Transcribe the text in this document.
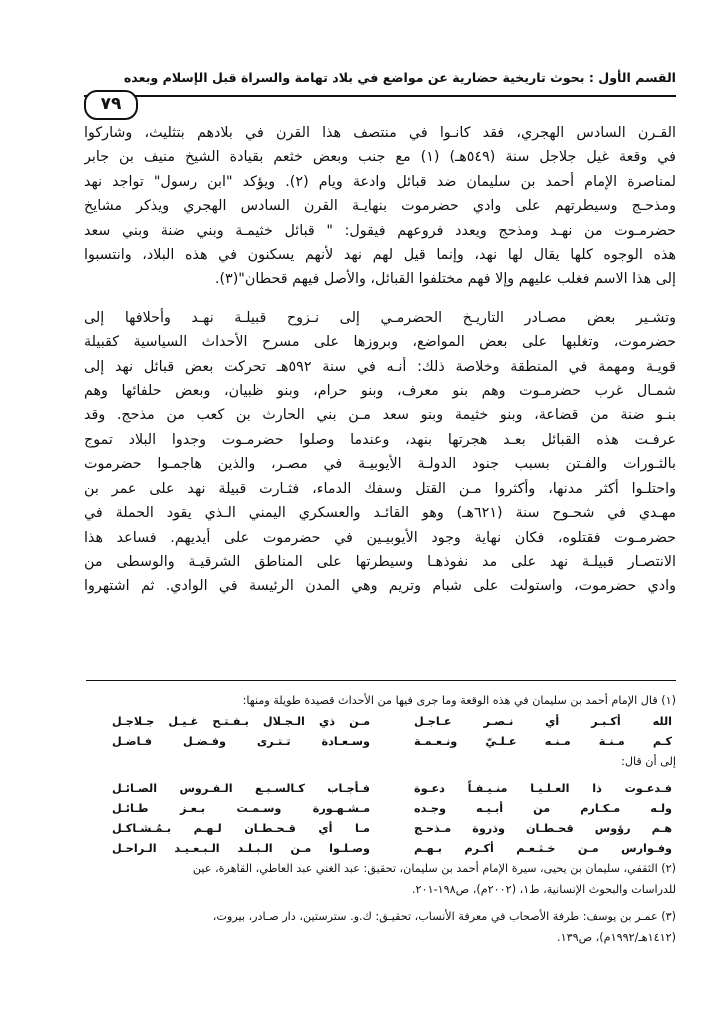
القسم الأول : بحوث تاريخية حضارية عن مواضع في بلاد تهامة والسراة قبل الإسلام وبعده
٧٩

القـرن السادس الهجري، فقد كانـوا في منتصف هذا القرن في بلادهم بتثليث، وشاركوا
في وقعة غيل جلاجل سنة (٥٤٩هـ) (١) مع جنب وبعض خثعم بقيادة الشيخ منيف بن جابر
لمناصرة الإمام أحمد بن سليمان ضد قبائل وادعة ويام (٢). ويؤكد "ابن رسول" تواجد نهد
ومذحـج وسيطرتهم على وادي حضرموت بنهايـة القرن السادس الهجري ويذكر مشايخ
حضرمـوت من نهـد ومذحج ويعدد فروعهم فيقول: " قبائل خثيمـة وبني ضنة وبني سعد
هذه الوجوه كلها يقال لها نهد، وإنما قيل لهم نهد لأنهم يسكنون في هذه البلاد، وانتسبوا
إلى هذا الاسم فغلب عليهم وإلا فهم مختلفوا القبائل، والأصل فيهم قحطان"(٣).

وتشـير بعض مصـادر التاريـخ الحضرمـي إلى نـزوح قبيلـة نهـد وأحلافها إلى
حضرموت، وتغلبها على بعض المواضع، وبروزها على مسرح الأحداث السياسية كقبيلة
قويـة ومهمة في المنطقة وخلاصة ذلك: أنـه في سنة ٥٩٢هـ تحركت بعض قبائل نهد إلى
شمـال غرب حضرمـوت وهم بنو معرف، وبنو حرام، وبنو ظبيان، وبعض حلفائها وهم
بنـو ضنة من قضاعة، وبنو خثيمة وبنو سعد مـن بني الحارث بن كعب من مذحج. وقد
عرفـت هذه القبائل بعـد هجرتها بنهد، وعندما وصلوا حضرمـوت وجدوا البلاد تموج
بالثـورات والفـتن بسبب جنود الدولـة الأيوبيـة في مصـر، والذين هاجمـوا حضرموت
واحتلـوا أكثر مدنها، وأكثروا مـن القتل وسفك الدماء، فثـارت قبيلة نهد على عمر بن
مهـدي في شحـوح سنة (٦٢١هـ) وهو القائـد والعسكري اليمني الـذي يقود الحملة في
حضرمـوت فقتلوه، فكان نهاية وجود الأيوبيـين في حضرموت على أيديهم. فساعد هذا
الانتصـار قبيلـة نهد على مد نفوذهـا وسيطرتها على المناطق الشرقيـة والوسطى من
وادي حضرموت، واستولت على شبام وتريم وهي المدن الرئيسة في الوادي. ثم اشتهروا

(١) قال الإمام أحمد بن سليمان في هذه الوقعة وما جرى فيها من الأحداث قصيدة طويلة ومنها:
الله أكـبـر أي نـصـر عـاجـل
مـن ذي الـجـلال بـفـتـح غـيـل جـلاجـل
كـم مـنـة مـنـه عـلـيّ ونـعـمـة
وسـعـادة تـتـرى وفـضـل فـاضـل
إلى أن قال:
فـدعـوت ذا العـلـيـا منـيـفـاً دعـوة
فـأجـاب كـالسـبـع الـفـروس الصـائـل
ولـه مـكـارم من أبـيـه وجـده
مـشـهـورة وسـمـت بـعـز طـائـل
هـم رؤوس قحـطـان وذروة مـذحـج
مـا أي قـحـطـان لـهـم بـمُـشـاكـل
وفـوارس مـن خـثـعـم أكـرم بـهـم
وصـلـوا مـن الـبـلـد الـبـعـيـد الـراحـل
(٢) الثقفي، سليمان بن يحيى، سيرة الإمام أحمد بن سليمان، تحقيق: عبد الغني عبد العاطي، القاهرة، عين
للدراسات والبحوث الإنسانية، ط١، (٢٠٠٢م)، ص١٩٨-٢٠١.
(٣) عمـر بن يوسف: طرفة الأصحاب في معرفة الأنساب، تحقيـق: ك.و. سترستين، دار صـادر، بيروت،
(١٤١٢هـ/١٩٩٢م)، ص١٣٩.
